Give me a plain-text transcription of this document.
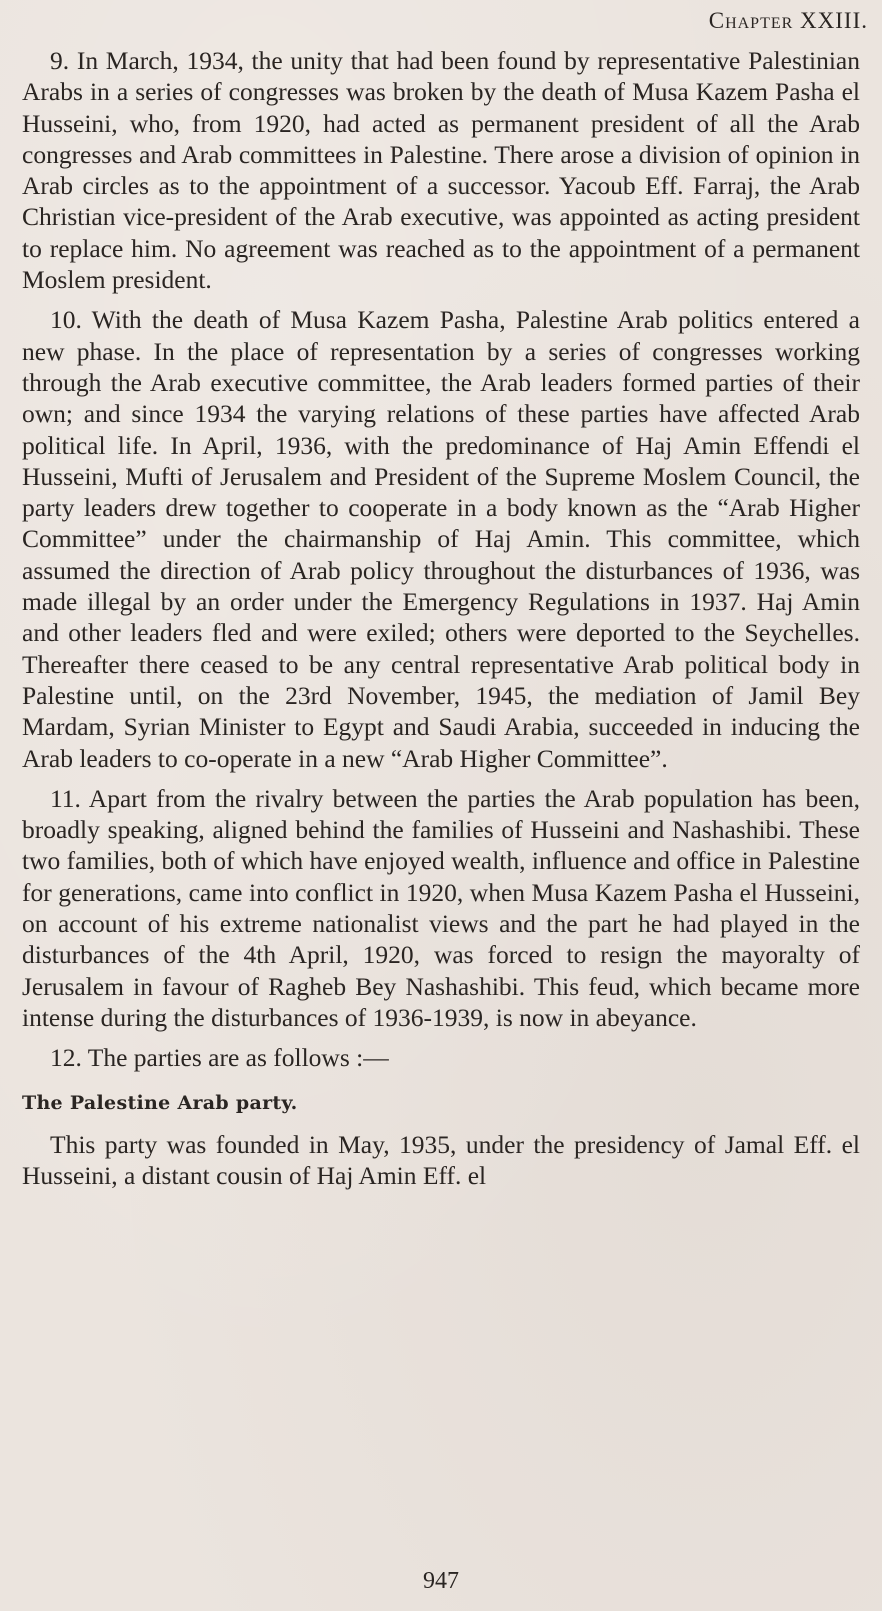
Chapter XXIII.

9. In March, 1934, the unity that had been found by representative Palestinian Arabs in a series of congresses was broken by the death of Musa Kazem Pasha el Husseini, who, from 1920, had acted as permanent president of all the Arab congresses and Arab committees in Palestine. There arose a division of opinion in Arab circles as to the appointment of a successor. Yacoub Eff. Farraj, the Arab Christian vice-president of the Arab executive, was appointed as acting president to replace him. No agreement was reached as to the appointment of a permanent Moslem president.

10. With the death of Musa Kazem Pasha, Palestine Arab politics entered a new phase. In the place of representation by a series of congresses working through the Arab executive committee, the Arab leaders formed parties of their own; and since 1934 the varying relations of these parties have affected Arab political life. In April, 1936, with the predominance of Haj Amin Effendi el Husseini, Mufti of Jerusalem and President of the Supreme Moslem Council, the party leaders drew together to cooperate in a body known as the “Arab Higher Committee” under the chairmanship of Haj Amin. This committee, which assumed the direction of Arab policy throughout the disturbances of 1936, was made illegal by an order under the Emergency Regulations in 1937. Haj Amin and other leaders fled and were exiled; others were deported to the Seychelles. Thereafter there ceased to be any central representative Arab political body in Palestine until, on the 23rd November, 1945, the mediation of Jamil Bey Mardam, Syrian Minister to Egypt and Saudi Arabia, succeeded in inducing the Arab leaders to co-operate in a new “Arab Higher Committee”.

11. Apart from the rivalry between the parties the Arab population has been, broadly speaking, aligned behind the families of Husseini and Nashashibi. These two families, both of which have enjoyed wealth, influence and office in Palestine for generations, came into conflict in 1920, when Musa Kazem Pasha el Husseini, on account of his extreme nationalist views and the part he had played in the disturbances of the 4th April, 1920, was forced to resign the mayoralty of Jerusalem in favour of Ragheb Bey Nashashibi. This feud, which became more intense during the disturbances of 1936-1939, is now in abeyance.

12. The parties are as follows :—

The Palestine Arab party.

This party was founded in May, 1935, under the presidency of Jamal Eff. el Husseini, a distant cousin of Haj Amin Eff. el

947
